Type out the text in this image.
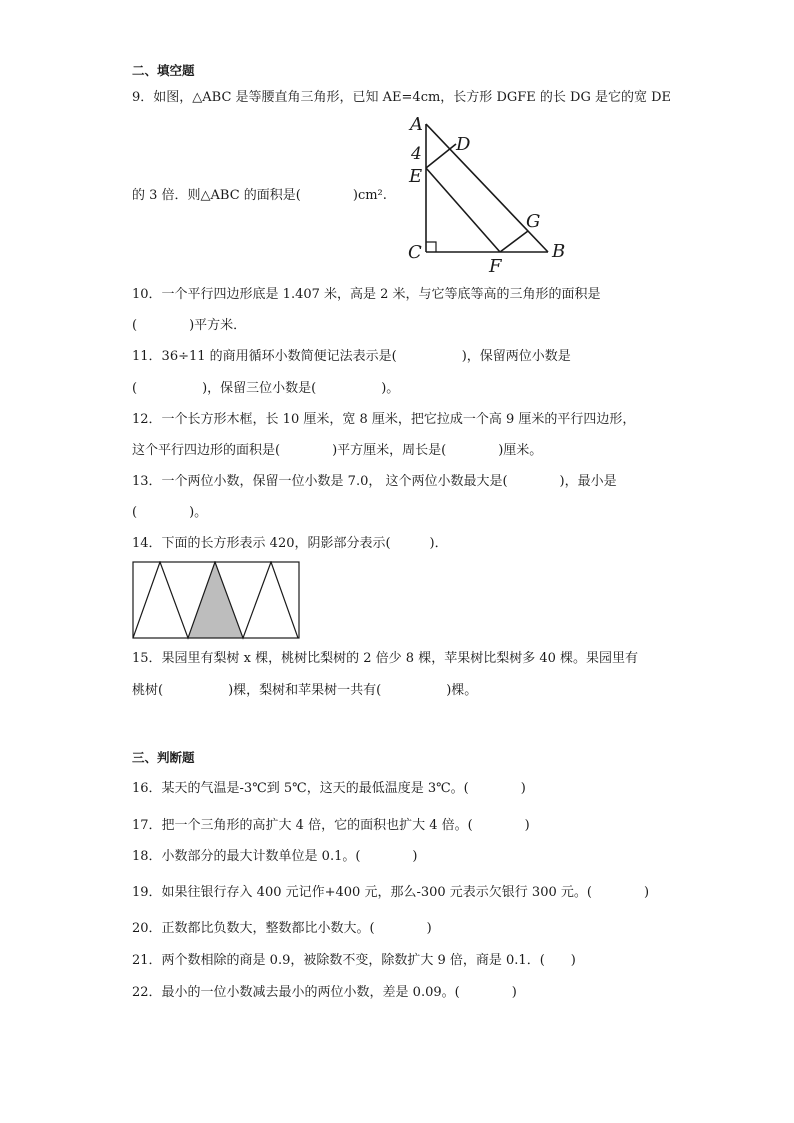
二、填空题
9．如图，△ABC 是等腰直角三角形，已知 AE=4cm，长方形 DGFE 的长 DG 是它的宽 DE
的 3 倍．则△ABC 的面积是(　　　　)cm².
A
4 D
E
G
C
F
B
10．一个平行四边形底是 1.407 米，高是 2 米，与它等底等高的三角形的面积是
(　　　　)平方米．
11．36÷11 的商用循环小数简便记法表示是(　　　　　)，保留两位小数是
(　　　　　)，保留三位小数是(　　　　　)。
12．一个长方形木框，长 10 厘米，宽 8 厘米，把它拉成一个高 9 厘米的平行四边形，
这个平行四边形的面积是(　　　　)平方厘米，周长是(　　　　)厘米。
13．一个两位小数，保留一位小数是 7.0， 这个两位小数最大是(　　　　)，最小是
(　　　　)。
14．下面的长方形表示 420，阴影部分表示(　　　)．
15．果园里有梨树 x 棵，桃树比梨树的 2 倍少 8 棵，苹果树比梨树多 40 棵。果园里有
桃树(　　　　　)棵，梨树和苹果树一共有(　　　　　)棵。
三、判断题
16．某天的气温是-3℃到 5℃，这天的最低温度是 3℃。(　　　　)
17．把一个三角形的高扩大 4 倍，它的面积也扩大 4 倍。(　　　　)
18．小数部分的最大计数单位是 0.1。(　　　　)
19．如果往银行存入 400 元记作+400 元，那么-300 元表示欠银行 300 元。(　　　　)
20．正数都比负数大，整数都比小数大。(　　　　)
21．两个数相除的商是 0.9，被除数不变，除数扩大 9 倍，商是 0.1．(　　)
22．最小的一位小数减去最小的两位小数，差是 0.09。(　　　　)
